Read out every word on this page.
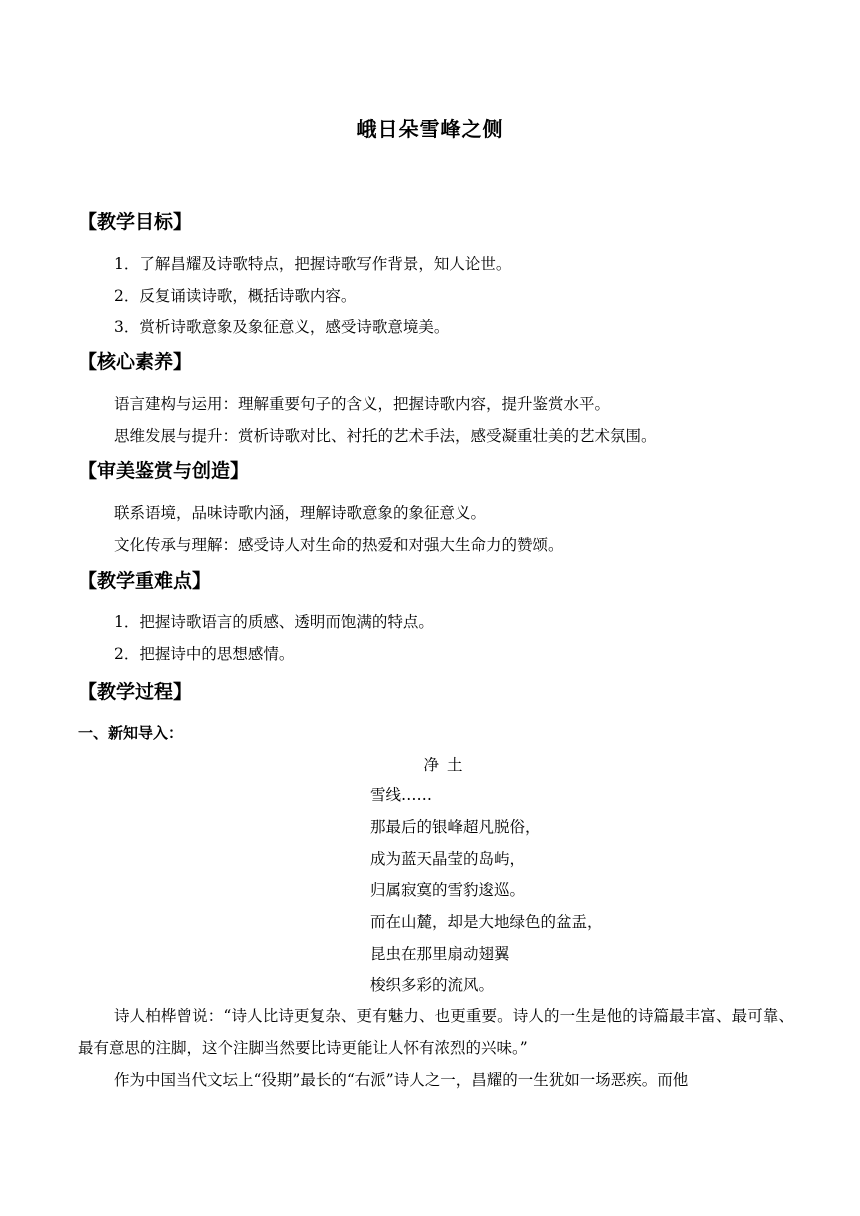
峨日朵雪峰之侧
【教学目标】
1．了解昌耀及诗歌特点，把握诗歌写作背景，知人论世。
2．反复诵读诗歌，概括诗歌内容。
3．赏析诗歌意象及象征意义，感受诗歌意境美。
【核心素养】
语言建构与运用：理解重要句子的含义，把握诗歌内容，提升鉴赏水平。
思维发展与提升：赏析诗歌对比、衬托的艺术手法，感受凝重壮美的艺术氛围。
【审美鉴赏与创造】
联系语境，品味诗歌内涵，理解诗歌意象的象征意义。
文化传承与理解：感受诗人对生命的热爱和对强大生命力的赞颂。
【教学重难点】
1．把握诗歌语言的质感、透明而饱满的特点。
2．把握诗中的思想感情。
【教学过程】
一、新知导入：
净土
雪线……
那最后的银峰超凡脱俗，
成为蓝天晶莹的岛屿，
归属寂寞的雪豹逡巡。
而在山麓，却是大地绿色的盆盂，
昆虫在那里扇动翅翼
梭织多彩的流风。
诗人柏桦曾说：“诗人比诗更复杂、更有魅力、也更重要。诗人的一生是他的诗篇最丰富、最可靠、最有意思的注脚，这个注脚当然要比诗更能让人怀有浓烈的兴味。”
作为中国当代文坛上“役期”最长的“右派”诗人之一，昌耀的一生犹如一场恶疾。而他
